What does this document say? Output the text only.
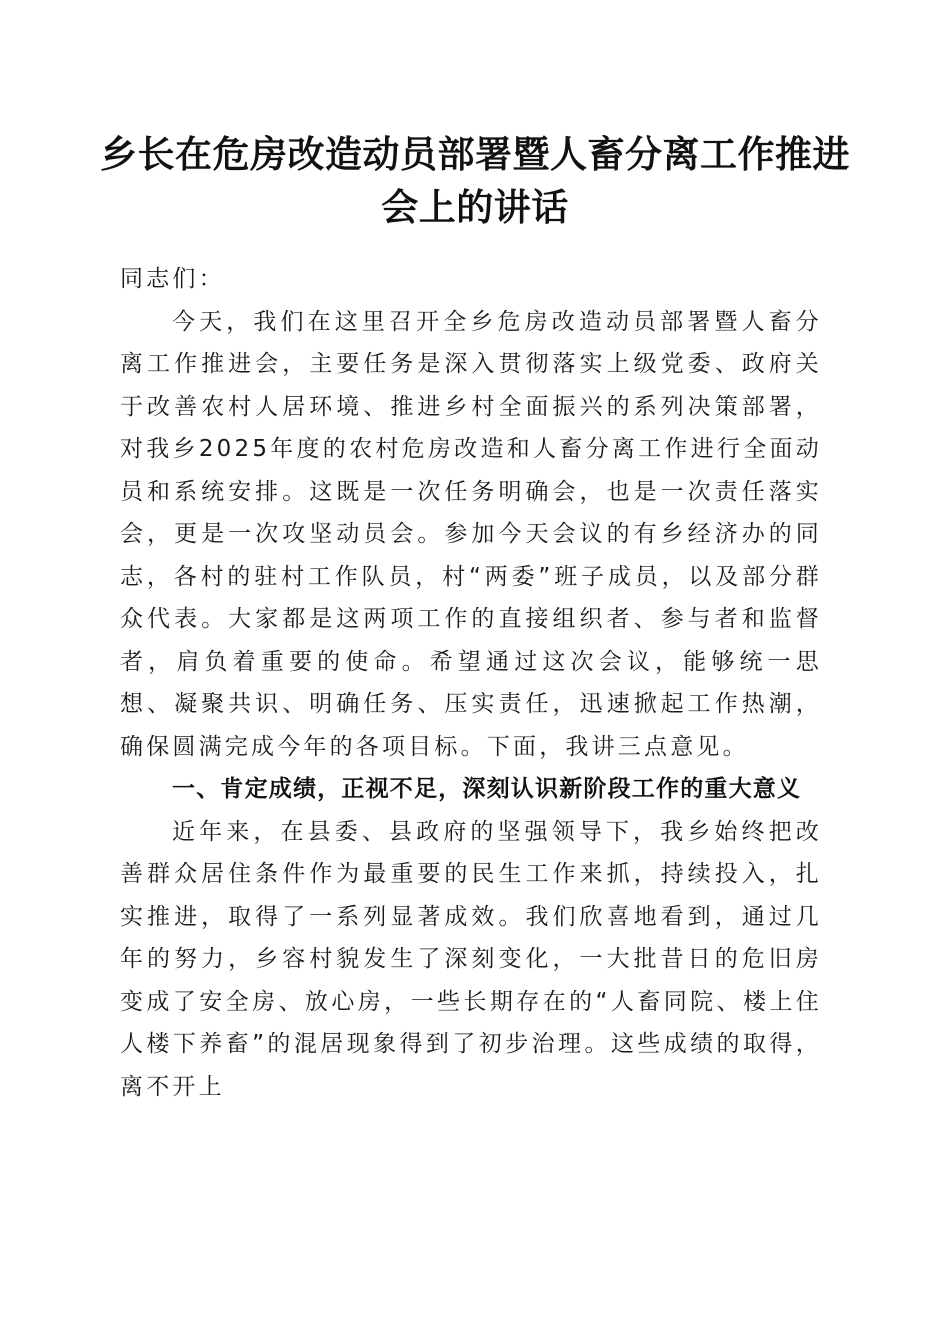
乡长在危房改造动员部署暨人畜分离工作推进
会上的讲话

同志们：

今天，我们在这里召开全乡危房改造动员部署暨人畜分离工作推进会，主要任务是深入贯彻落实上级党委、政府关于改善农村人居环境、推进乡村全面振兴的系列决策部署，对我乡2025年度的农村危房改造和人畜分离工作进行全面动员和系统安排。这既是一次任务明确会，也是一次责任落实会，更是一次攻坚动员会。参加今天会议的有乡经济办的同志，各村的驻村工作队员，村“两委”班子成员，以及部分群众代表。大家都是这两项工作的直接组织者、参与者和监督者，肩负着重要的使命。希望通过这次会议，能够统一思想、凝聚共识、明确任务、压实责任，迅速掀起工作热潮，确保圆满完成今年的各项目标。下面，我讲三点意见。

一、肯定成绩，正视不足，深刻认识新阶段工作的重大意义

近年来，在县委、县政府的坚强领导下，我乡始终把改善群众居住条件作为最重要的民生工作来抓，持续投入，扎实推进，取得了一系列显著成效。我们欣喜地看到，通过几年的努力，乡容村貌发生了深刻变化，一大批昔日的危旧房变成了安全房、放心房，一些长期存在的“人畜同院、楼上住人楼下养畜”的混居现象得到了初步治理。这些成绩的取得，离不开上
